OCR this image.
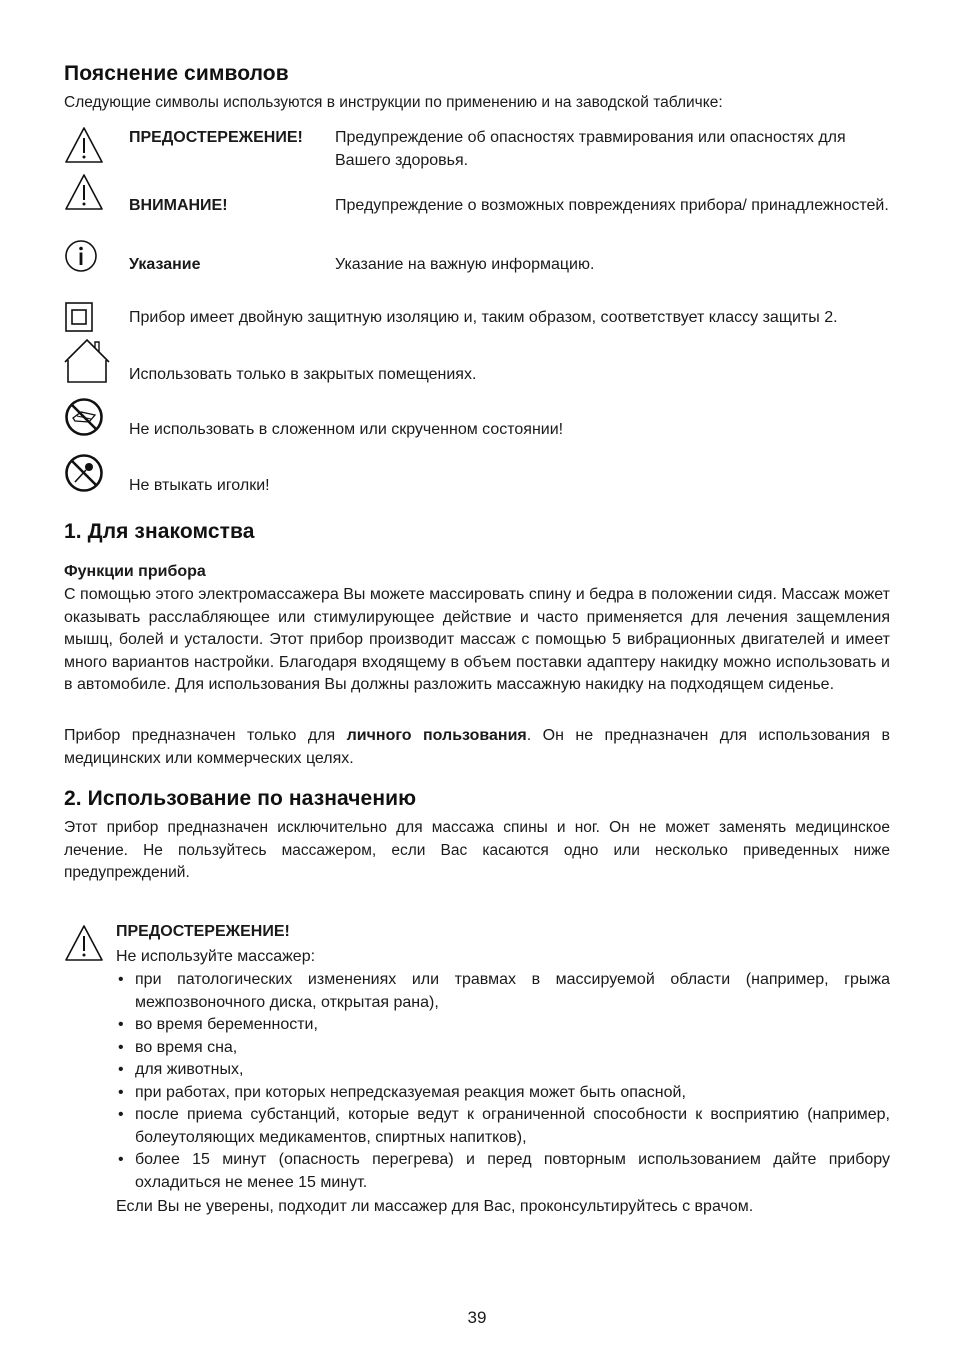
Пояснение символов
Следующие символы используются в инструкции по применению и на заводской табличке:
ПРЕДОСТЕРЕЖЕНИЕ! Предупреждение об опасностях травмирования или опасностях для Вашего здоровья.
ВНИМАНИЕ!	Предупреждение о возможных повреждениях прибора/ принадлежностей.
Указание	Указание на важную информацию.
Прибор имеет двойную защитную изоляцию и, таким образом, соответствует классу защиты 2.
Использовать только в закрытых помещениях.
Не использовать в сложенном или скрученном состоянии!
Не втыкать иголки!
1. Для знакомства
Функции прибора
С помощью этого электромассажера Вы можете массировать спину и бедра в положении сидя. Массаж может оказывать расслабляющее или стимулирующее действие и часто применяется для лечения защемления мышц, болей и усталости. Этот прибор производит массаж с помощью 5 вибрационных двигателей и имеет много вариантов настройки. Благодаря входящему в объем поставки адаптеру накидку можно использовать и в автомобиле. Для использования Вы должны разложить массажную накидку на подходящем сиденье.
Прибор предназначен только для личного пользования. Он не предназначен для использования в медицинских или коммерческих целях.
2. Использование по назначению
Этот прибор предназначен исключительно для массажа спины и ног. Он не может заменять медицинское лечение. Не пользуйтесь массажером, если Вас касаются одно или несколько приведенных ниже предупреждений.
ПРЕДОСТЕРЕЖЕНИЕ!
Не используйте массажер:
• при патологических изменениях или травмах в массируемой области (например, грыжа межпозвоночного диска, открытая рана),
• во время беременности,
• во время сна,
• для животных,
• при работах, при которых непредсказуемая реакция может быть опасной,
• после приема субстанций, которые ведут к ограниченной способности к восприятию (например, болеутоляющих медикаментов, спиртных напитков),
• более 15 минут (опасность перегрева) и перед повторным использованием дайте прибору охладиться не менее 15 минут.
Если Вы не уверены, подходит ли массажер для Вас, проконсультируйтесь с врачом.
39
